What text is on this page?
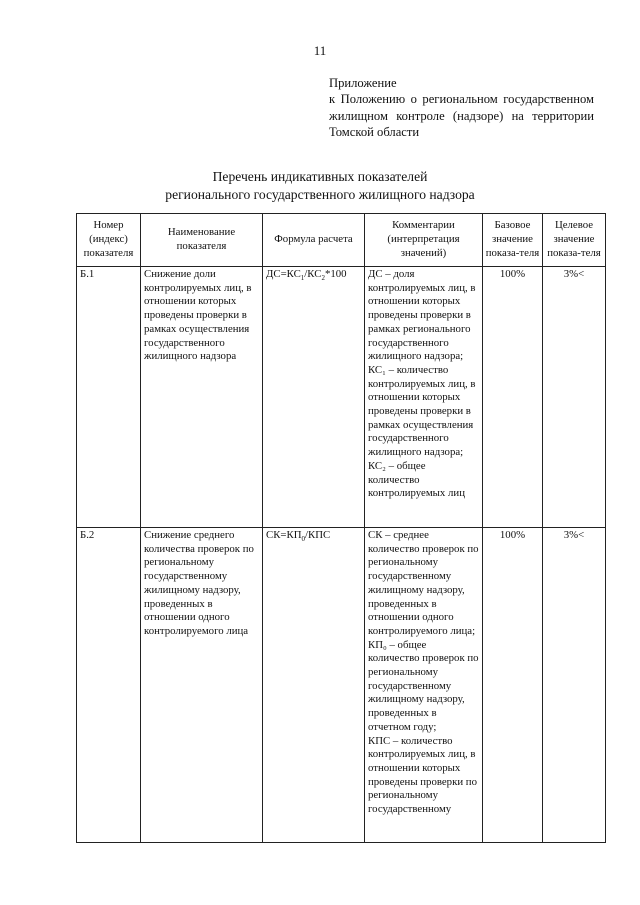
11
Приложение
к Положению о региональном государственном
жилищном контроле (надзоре) на территории
Томской области
Перечень индикативных показателей
регионального государственного жилищного надзора
Номер (индекс) показателя	Наименование показателя	Формула расчета	Комментарии (интерпретация значений)	Базовое значение показа-теля	Целевое значение показа-теля
Б.1	Снижение доли контролируемых лиц, в отношении которых проведены проверки в рамках осуществления государственного жилищного надзора	$ДС=КС_1/КС_2*100$	ДС – доля контролируемых лиц, в отношении которых проведены проверки в рамках регионального государственного жилищного надзора;
КС₁ – количество контролируемых лиц, в отношении которых проведены проверки в рамках осуществления государственного жилищного надзора;
КС₂ – общее количество контролируемых лиц	100%	3%<
Б.2	Снижение среднего количества проверок по региональному государственному жилищному надзору, проведенных в отношении одного контролируемого лица	$СК=КП_0$/КПС	СК – среднее количество проверок по региональному государственному жилищному надзору, проведенных в отношении одного контролируемого лица;
КП₀ – общее количество проверок по региональному государственному жилищному надзору, проведенных в отчетном году;
КПС – количество контролируемых лиц, в отношении которых проведены проверки по региональному государственному	100%	3%<
